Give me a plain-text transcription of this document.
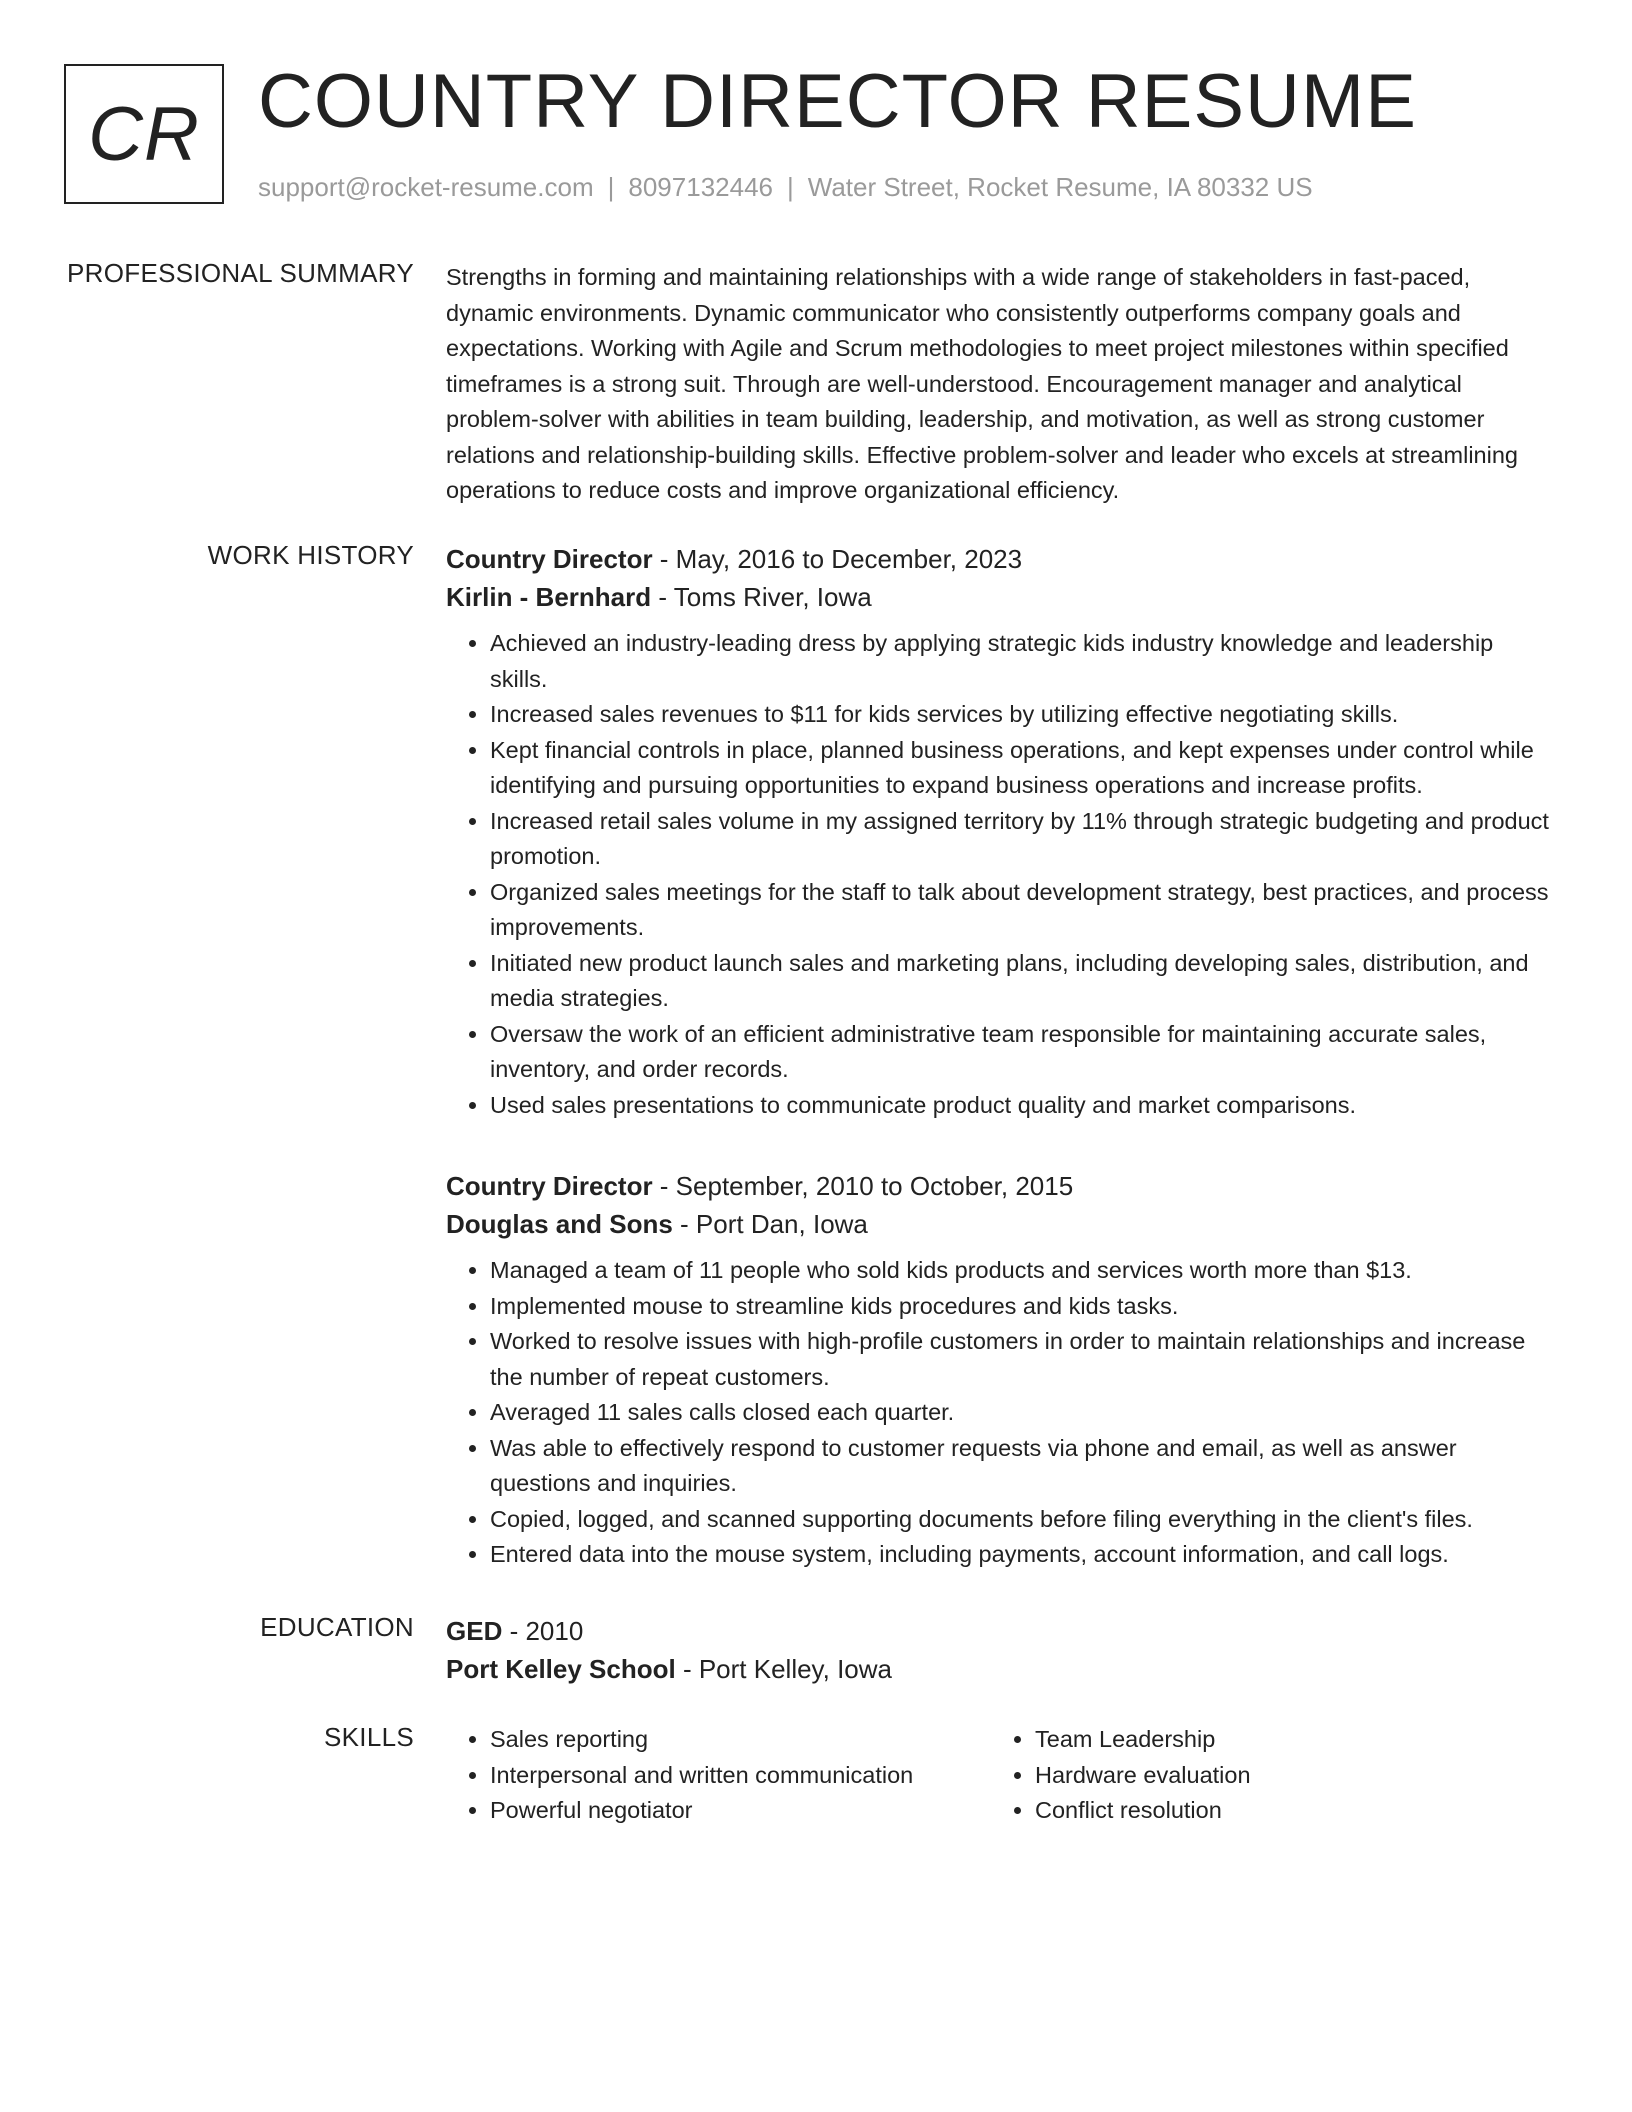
CR COUNTRY DIRECTOR RESUME
support@rocket-resume.com | 8097132446 | Water Street, Rocket Resume, IA 80332 US
PROFESSIONAL SUMMARY Strengths in forming and maintaining relationships with a wide range of stakeholders in fast-paced, dynamic environments. Dynamic communicator who consistently outperforms company goals and expectations. Working with Agile and Scrum methodologies to meet project milestones within specified timeframes is a strong suit. Through are well-understood. Encouragement manager and analytical problem-solver with abilities in team building, leadership, and motivation, as well as strong customer relations and relationship-building skills. Effective problem-solver and leader who excels at streamlining operations to reduce costs and improve organizational efficiency.

WORK HISTORY Country Director - May, 2016 to December, 2023

Kirlin - Bernhard - Toms River, Iowa

• Achieved an industry-leading dress by applying strategic kids industry knowledge and leadership skills.
• Increased sales revenues to $11 for kids services by utilizing effective negotiating skills.
• Kept financial controls in place, planned business operations, and kept expenses under control while identifying and pursuing opportunities to expand business operations and increase profits.
• Increased retail sales volume in my assigned territory by 11% through strategic budgeting and product promotion.
• Organized sales meetings for the staff to talk about development strategy, best practices, and process improvements.
• Initiated new product launch sales and marketing plans, including developing sales, distribution, and media strategies.
• Oversaw the work of an efficient administrative team responsible for maintaining accurate sales, inventory, and order records.
• Used sales presentations to communicate product quality and market comparisons.

Country Director - September, 2010 to October, 2015

Douglas and Sons - Port Dan, Iowa

• Managed a team of 11 people who sold kids products and services worth more than $13.
• Implemented mouse to streamline kids procedures and kids tasks.
• Worked to resolve issues with high-profile customers in order to maintain relationships and increase the number of repeat customers.
• Averaged 11 sales calls closed each quarter.
• Was able to effectively respond to customer requests via phone and email, as well as answer questions and inquiries.
• Copied, logged, and scanned supporting documents before filing everything in the client's files.
• Entered data into the mouse system, including payments, account information, and call logs.
EDUCATION GED - 2010

Port Kelley School - Port Kelley, Iowa

SKILLS
•	Sales reporting
• Interpersonal and written communication
• Powerful negotiator
• Team Leadership
• Hardware evaluation
• Conflict resolution
